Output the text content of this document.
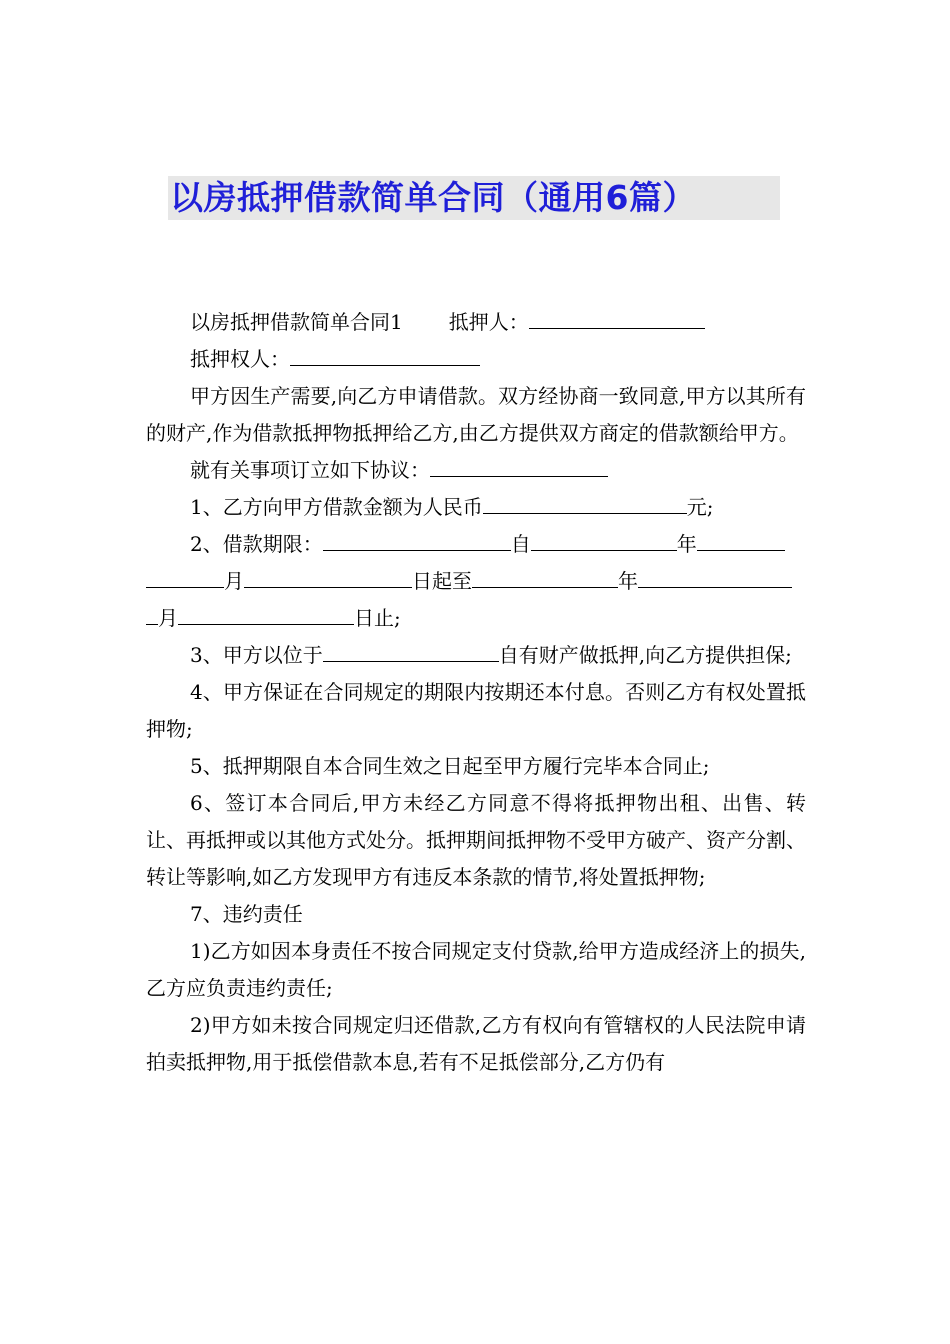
以房抵押借款简单合同（通用6篇）

以房抵押借款简单合同1 抵押人：

抵押权人：

甲方因生产需要,向乙方申请借款。双方经协商一致同意,甲方以其所有的财产,作为借款抵押物抵押给乙方,由乙方提供双方商定的借款额给甲方。

就有关事项订立如下协议：

1、乙方向甲方借款金额为人民币	元;

2、借款期限：	自	年

月	日起至	年

月	日止;

3、甲方以位于	自有财产做抵押,向乙方提供担保;

4、甲方保证在合同规定的期限内按期还本付息。否则乙方有权处置抵押物;

5、抵押期限自本合同生效之日起至甲方履行完毕本合同止;

6、签订本合同后,甲方未经乙方同意不得将抵押物出租、出售、转让、再抵押或以其他方式处分。抵押期间抵押物不受甲方破产、资产分割、转让等影响,如乙方发现甲方有违反本条款的情节,将处置抵押物;

7、违约责任

1)乙方如因本身责任不按合同规定支付贷款,给甲方造成经济上的损失,乙方应负责违约责任;

2)甲方如未按合同规定归还借款,乙方有权向有管辖权的人民法院申请拍卖抵押物,用于抵偿借款本息,若有不足抵偿部分,乙方仍有
